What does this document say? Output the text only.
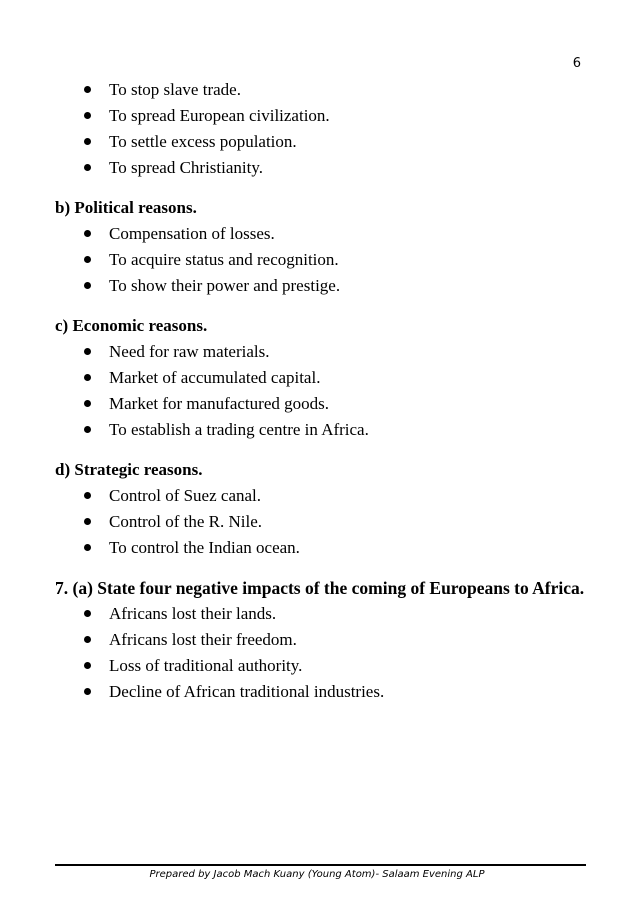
6
To stop slave trade.
To spread European civilization.
To settle excess population.
To spread Christianity.

b) Political reasons.

Compensation of losses.
To acquire status and recognition.
To show their power and prestige.

c) Economic reasons.

Need for raw materials.
Market of accumulated capital.
Market for manufactured goods.
To establish a trading centre in Africa.

d) Strategic reasons.

Control of Suez canal.
Control of the R. Nile.
To control the Indian ocean.

7. (a) State four negative impacts of the coming of Europeans to Africa.

Africans lost their lands.
Africans lost their freedom.
Loss of traditional authority.
Decline of African traditional industries.
Prepared by Jacob Mach Kuany (Young Atom)- Salaam Evening ALP
